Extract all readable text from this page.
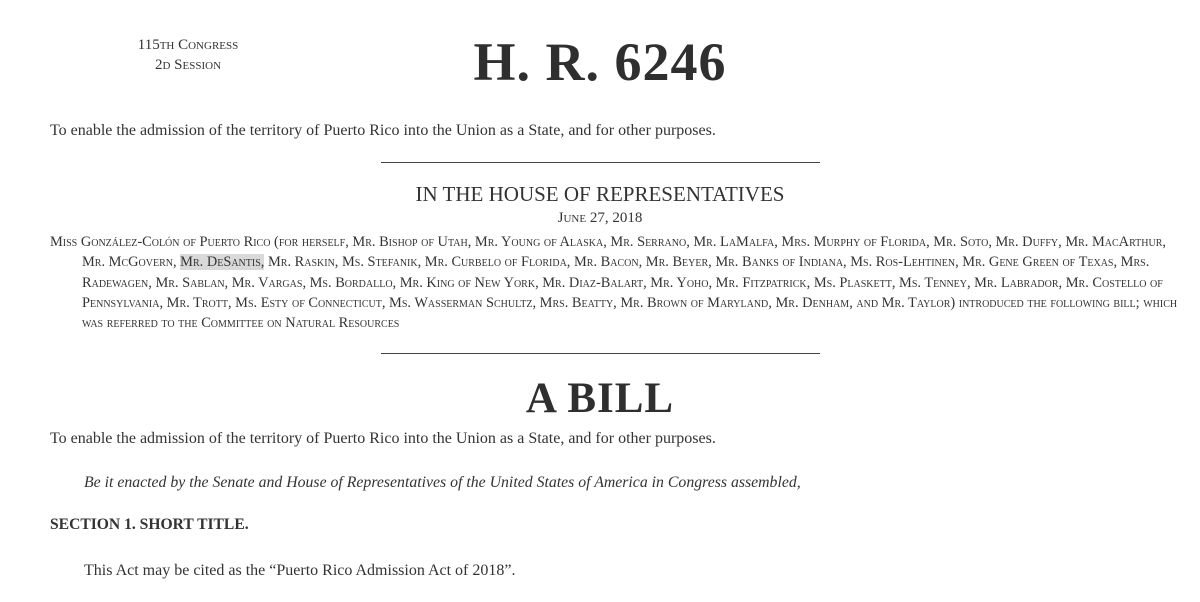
115th Congress
2d Session	H. R. 6246
To enable the admission of the territory of Puerto Rico into the Union as a State, and for other purposes.
IN THE HOUSE OF REPRESENTATIVES
June 27, 2018
Miss González-Colón of Puerto Rico (for herself, Mr. Bishop of Utah, Mr. Young of Alaska, Mr. Serrano, Mr. LaMalfa, Mrs. Murphy of Florida, Mr. Soto, Mr. Duffy, Mr. MacArthur, Mr. McGovern, Mr. DeSantis, Mr. Raskin, Ms. Stefanik, Mr. Curbelo of Florida, Mr. Bacon, Mr. Beyer, Mr. Banks of Indiana, Ms. Ros-Lehtinen, Mr. Gene Green of Texas, Mrs. Radewagen, Mr. Sablan, Mr. Vargas, Ms. Bordallo, Mr. King of New York, Mr. Diaz-Balart, Mr. Yoho, Mr. Fitzpatrick, Ms. Plaskett, Ms. Tenney, Mr. Labrador, Mr. Costello of Pennsylvania, Mr. Trott, Ms. Esty of Connecticut, Ms. Wasserman Schultz, Mrs. Beatty, Mr. Brown of Maryland, Mr. Denham, and Mr. Taylor) introduced the following bill; which was referred to the Committee on Natural Resources
A BILL
To enable the admission of the territory of Puerto Rico into the Union as a State, and for other purposes.
Be it enacted by the Senate and House of Representatives of the United States of America in Congress assembled,
SECTION 1. SHORT TITLE.
This Act may be cited as the “Puerto Rico Admission Act of 2018”.
